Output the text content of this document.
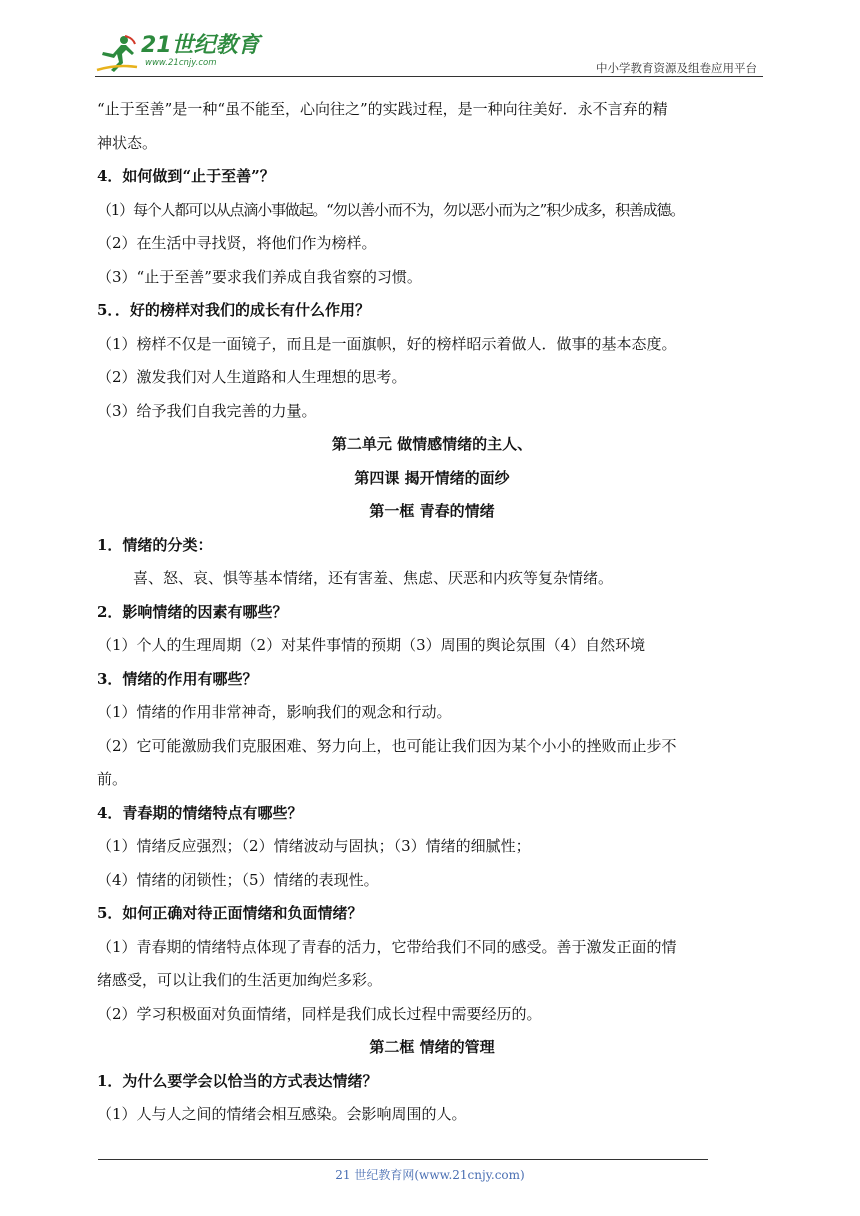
21世纪教育
www.21cnjy.com	中小学教育资源及组卷应用平台

“止于至善”是一种“虽不能至，心向往之”的实践过程，是一种向往美好．永不言弃的精

神状态。

4．如何做到“止于至善”？

（1）每个人都可以从点滴小事做起。“勿以善小而不为，勿以恶小而为之”积少成多，积善成德。

（2）在生活中寻找贤，将他们作为榜样。

（3）“止于至善”要求我们养成自我省察的习惯。

5．．好的榜样对我们的成长有什么作用？

（1）榜样不仅是一面镜子，而且是一面旗帜，好的榜样昭示着做人．做事的基本态度。

（2）激发我们对人生道路和人生理想的思考。

（3）给予我们自我完善的力量。

第二单元 做情感情绪的主人、

第四课 揭开情绪的面纱

第一框 青春的情绪

1．情绪的分类：

喜、怒、哀、惧等基本情绪，还有害羞、焦虑、厌恶和内疚等复杂情绪。

2．影响情绪的因素有哪些？

（1）个人的生理周期（2）对某件事情的预期（3）周围的舆论氛围（4）自然环境

3．情绪的作用有哪些？

（1）情绪的作用非常神奇，影响我们的观念和行动。

（2）它可能激励我们克服困难、努力向上，也可能让我们因为某个小小的挫败而止步不

前。

4．青春期的情绪特点有哪些？

（1）情绪反应强烈；（2）情绪波动与固执；（3）情绪的细腻性；

（4）情绪的闭锁性；（5）情绪的表现性。

5．如何正确对待正面情绪和负面情绪？

（1）青春期的情绪特点体现了青春的活力，它带给我们不同的感受。善于激发正面的情

绪感受，可以让我们的生活更加绚烂多彩。

（2）学习积极面对负面情绪，同样是我们成长过程中需要经历的。

第二框 情绪的管理

1．为什么要学会以恰当的方式表达情绪？

（1）人与人之间的情绪会相互感染。会影响周围的人。

21 世纪教育网(www.21cnjy.com)
